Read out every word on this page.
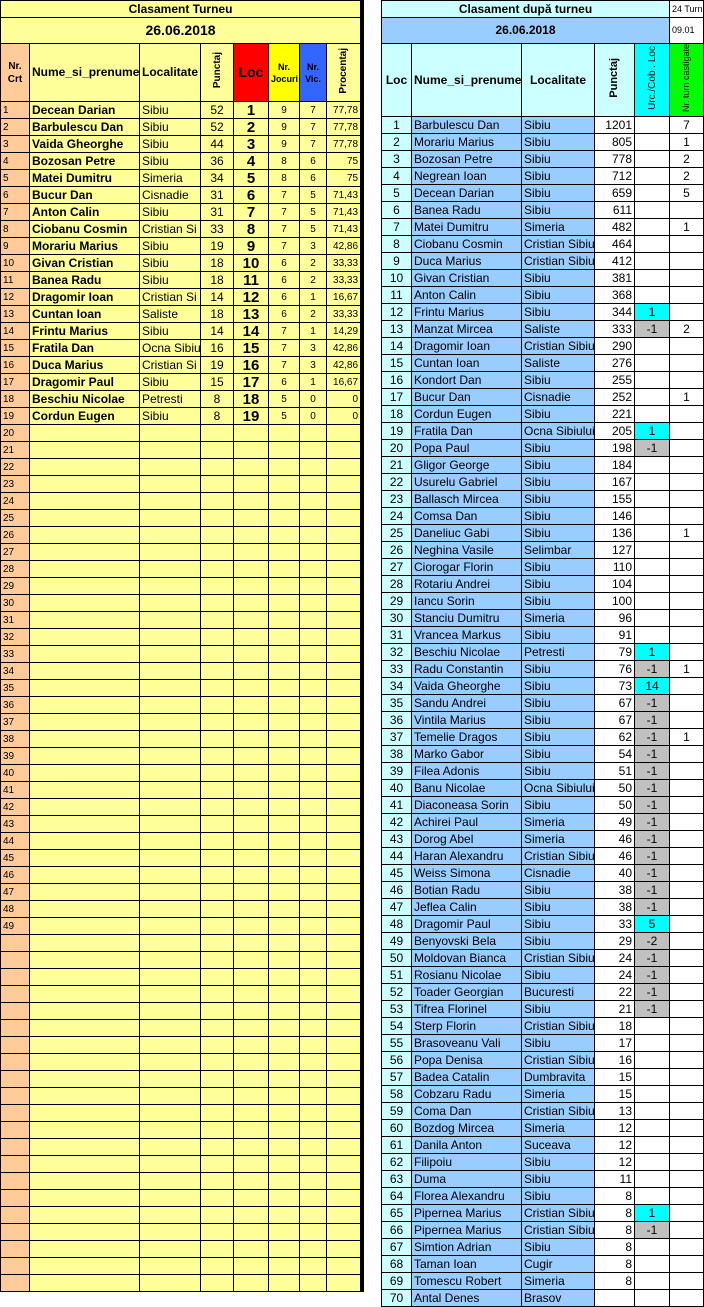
Clasament Turneu							
26.06.2018							
Nr. Crt	Nume_si_prenume	Localitate	Punctaj	Loc	Nr. Jocuri	Nr. Vic.	Procentaj
1	Decean Darian	Sibiu	52	1	9	7	77,78
2	Barbulescu Dan	Sibiu	52	2	9	7	77,78
3	Vaida Gheorghe	Sibiu	44	3	9	7	77,78
4	Bozosan Petre	Sibiu	36	4	8	6	75
5	Matei Dumitru	Simeria	34	5	8	6	75
6	Bucur Dan	Cisnadie	31	6	7	5	71,43
7	Anton Calin	Sibiu	31	7	7	5	71,43
8	Ciobanu Cosmin	Cristian Si	33	8	7	5	71,43
9	Morariu Marius	Sibiu	19	9	7	3	42,86
10	Givan Cristian	Sibiu	18	10	6	2	33,33
11	Banea Radu	Sibiu	18	11	6	2	33,33
12	Dragomir Ioan	Cristian Si	14	12	6	1	16,67
13	Cuntan Ioan	Saliste	18	13	6	2	33,33
14	Frintu Marius	Sibiu	14	14	7	1	14,29
15	Fratila Dan	Ocna Sibiu	16	15	7	3	42,86
16	Duca Marius	Cristian Si	19	16	7	3	42,86
17	Dragomir Paul	Sibiu	15	17	6	1	16,67
18	Beschiu Nicolae	Petresti	8	18	5	0	0
19	Cordun Eugen	Sibiu	8	19	5	0	0
20							
21							
22							
23							
24							
25							
26							
27							
28							
29							
30							
31							
32							
33							
34							
35							
36							
37							
38							
39							
40							
41							
42							
43							
44							
45							
46							
47							
48							
49							

Clasament după turneu					24 Turn
26.06.2018					09.01
Loc	Nume_si_prenume	Localitate	Punctaj	Urc./Cob . Loc	Nr. turn castigate
1	Barbulescu Dan	Sibiu	1201		7
2	Morariu Marius	Sibiu	805		1
3	Bozosan Petre	Sibiu	778		2
4	Negrean Ioan	Sibiu	712		2
5	Decean Darian	Sibiu	659		5
6	Banea Radu	Sibiu	611		
7	Matei Dumitru	Simeria	482		1
8	Ciobanu Cosmin	Cristian Sibiu	464		
9	Duca Marius	Cristian Sibiu	412		
10	Givan Cristian	Sibiu	381		
11	Anton Calin	Sibiu	368		
12	Frintu Marius	Sibiu	344	1	
13	Manzat Mircea	Saliste	333	-1	2
14	Dragomir Ioan	Cristian Sibiu	290		
15	Cuntan Ioan	Saliste	276		
16	Kondort Dan	Sibiu	255		
17	Bucur Dan	Cisnadie	252		1
18	Cordun Eugen	Sibiu	221		
19	Fratila Dan	Ocna Sibiului	205	1	
20	Popa Paul	Sibiu	198	-1	
21	Gligor George	Sibiu	184		
22	Usurelu Gabriel	Sibiu	167		
23	Ballasch Mircea	Sibiu	155		
24	Comsa Dan	Sibiu	146		
25	Daneliuc Gabi	Sibiu	136		1
26	Neghina Vasile	Selimbar	127		
27	Ciorogar Florin	Sibiu	110		
28	Rotariu Andrei	Sibiu	104		
29	Iancu Sorin	Sibiu	100		
30	Stanciu Dumitru	Simeria	96		
31	Vrancea Markus	Sibiu	91		
32	Beschiu Nicolae	Petresti	79	1	
33	Radu Constantin	Sibiu	76	-1	1
34	Vaida Gheorghe	Sibiu	73	14	
35	Sandu Andrei	Sibiu	67	-1	
36	Vintila Marius	Sibiu	67	-1	
37	Temelie Dragos	Sibiu	62	-1	1
38	Marko Gabor	Sibiu	54	-1	
39	Filea Adonis	Sibiu	51	-1	
40	Banu Nicolae	Ocna Sibiului	50	-1	
41	Diaconeasa Sorin	Sibiu	50	-1	
42	Achirei Paul	Simeria	49	-1	
43	Dorog Abel	Simeria	46	-1	
44	Haran Alexandru	Cristian Sibiu	46	-1	
45	Weiss Simona	Cisnadie	40	-1	
46	Botian Radu	Sibiu	38	-1	
47	Jeflea Calin	Sibiu	38	-1	
48	Dragomir Paul	Sibiu	33	5	
49	Benyovski Bela	Sibiu	29	-2	
50	Moldovan Bianca	Cristian Sibiu	24	-1	
51	Rosianu Nicolae	Sibiu	24	-1	
52	Toader Georgian	Bucuresti	22	-1	
53	Tifrea Florinel	Sibiu	21	-1	
54	Sterp Florin	Cristian Sibiu	18		
55	Brasoveanu Vali	Sibiu	17		
56	Popa Denisa	Cristian Sibiu	16		
57	Badea Catalin	Dumbravita	15		
58	Cobzaru Radu	Simeria	15		
59	Coma Dan	Cristian Sibiu	13		
60	Bozdog Mircea	Simeria	12		
61	Danila Anton	Suceava	12		
62	Filipoiu	Sibiu	12		
63	Duma	Sibiu	11		
64	Florea Alexandru	Sibiu	8		
65	Pipernea Marius	Cristian Sibiu	8	1	
66	Pipernea Marius	Cristian Sibiu	8	-1	
67	Simtion Adrian	Sibiu	8		
68	Taman Ioan	Cugir	8		
69	Tomescu Robert	Simeria	8		
70	Antal Denes	Brasov			
